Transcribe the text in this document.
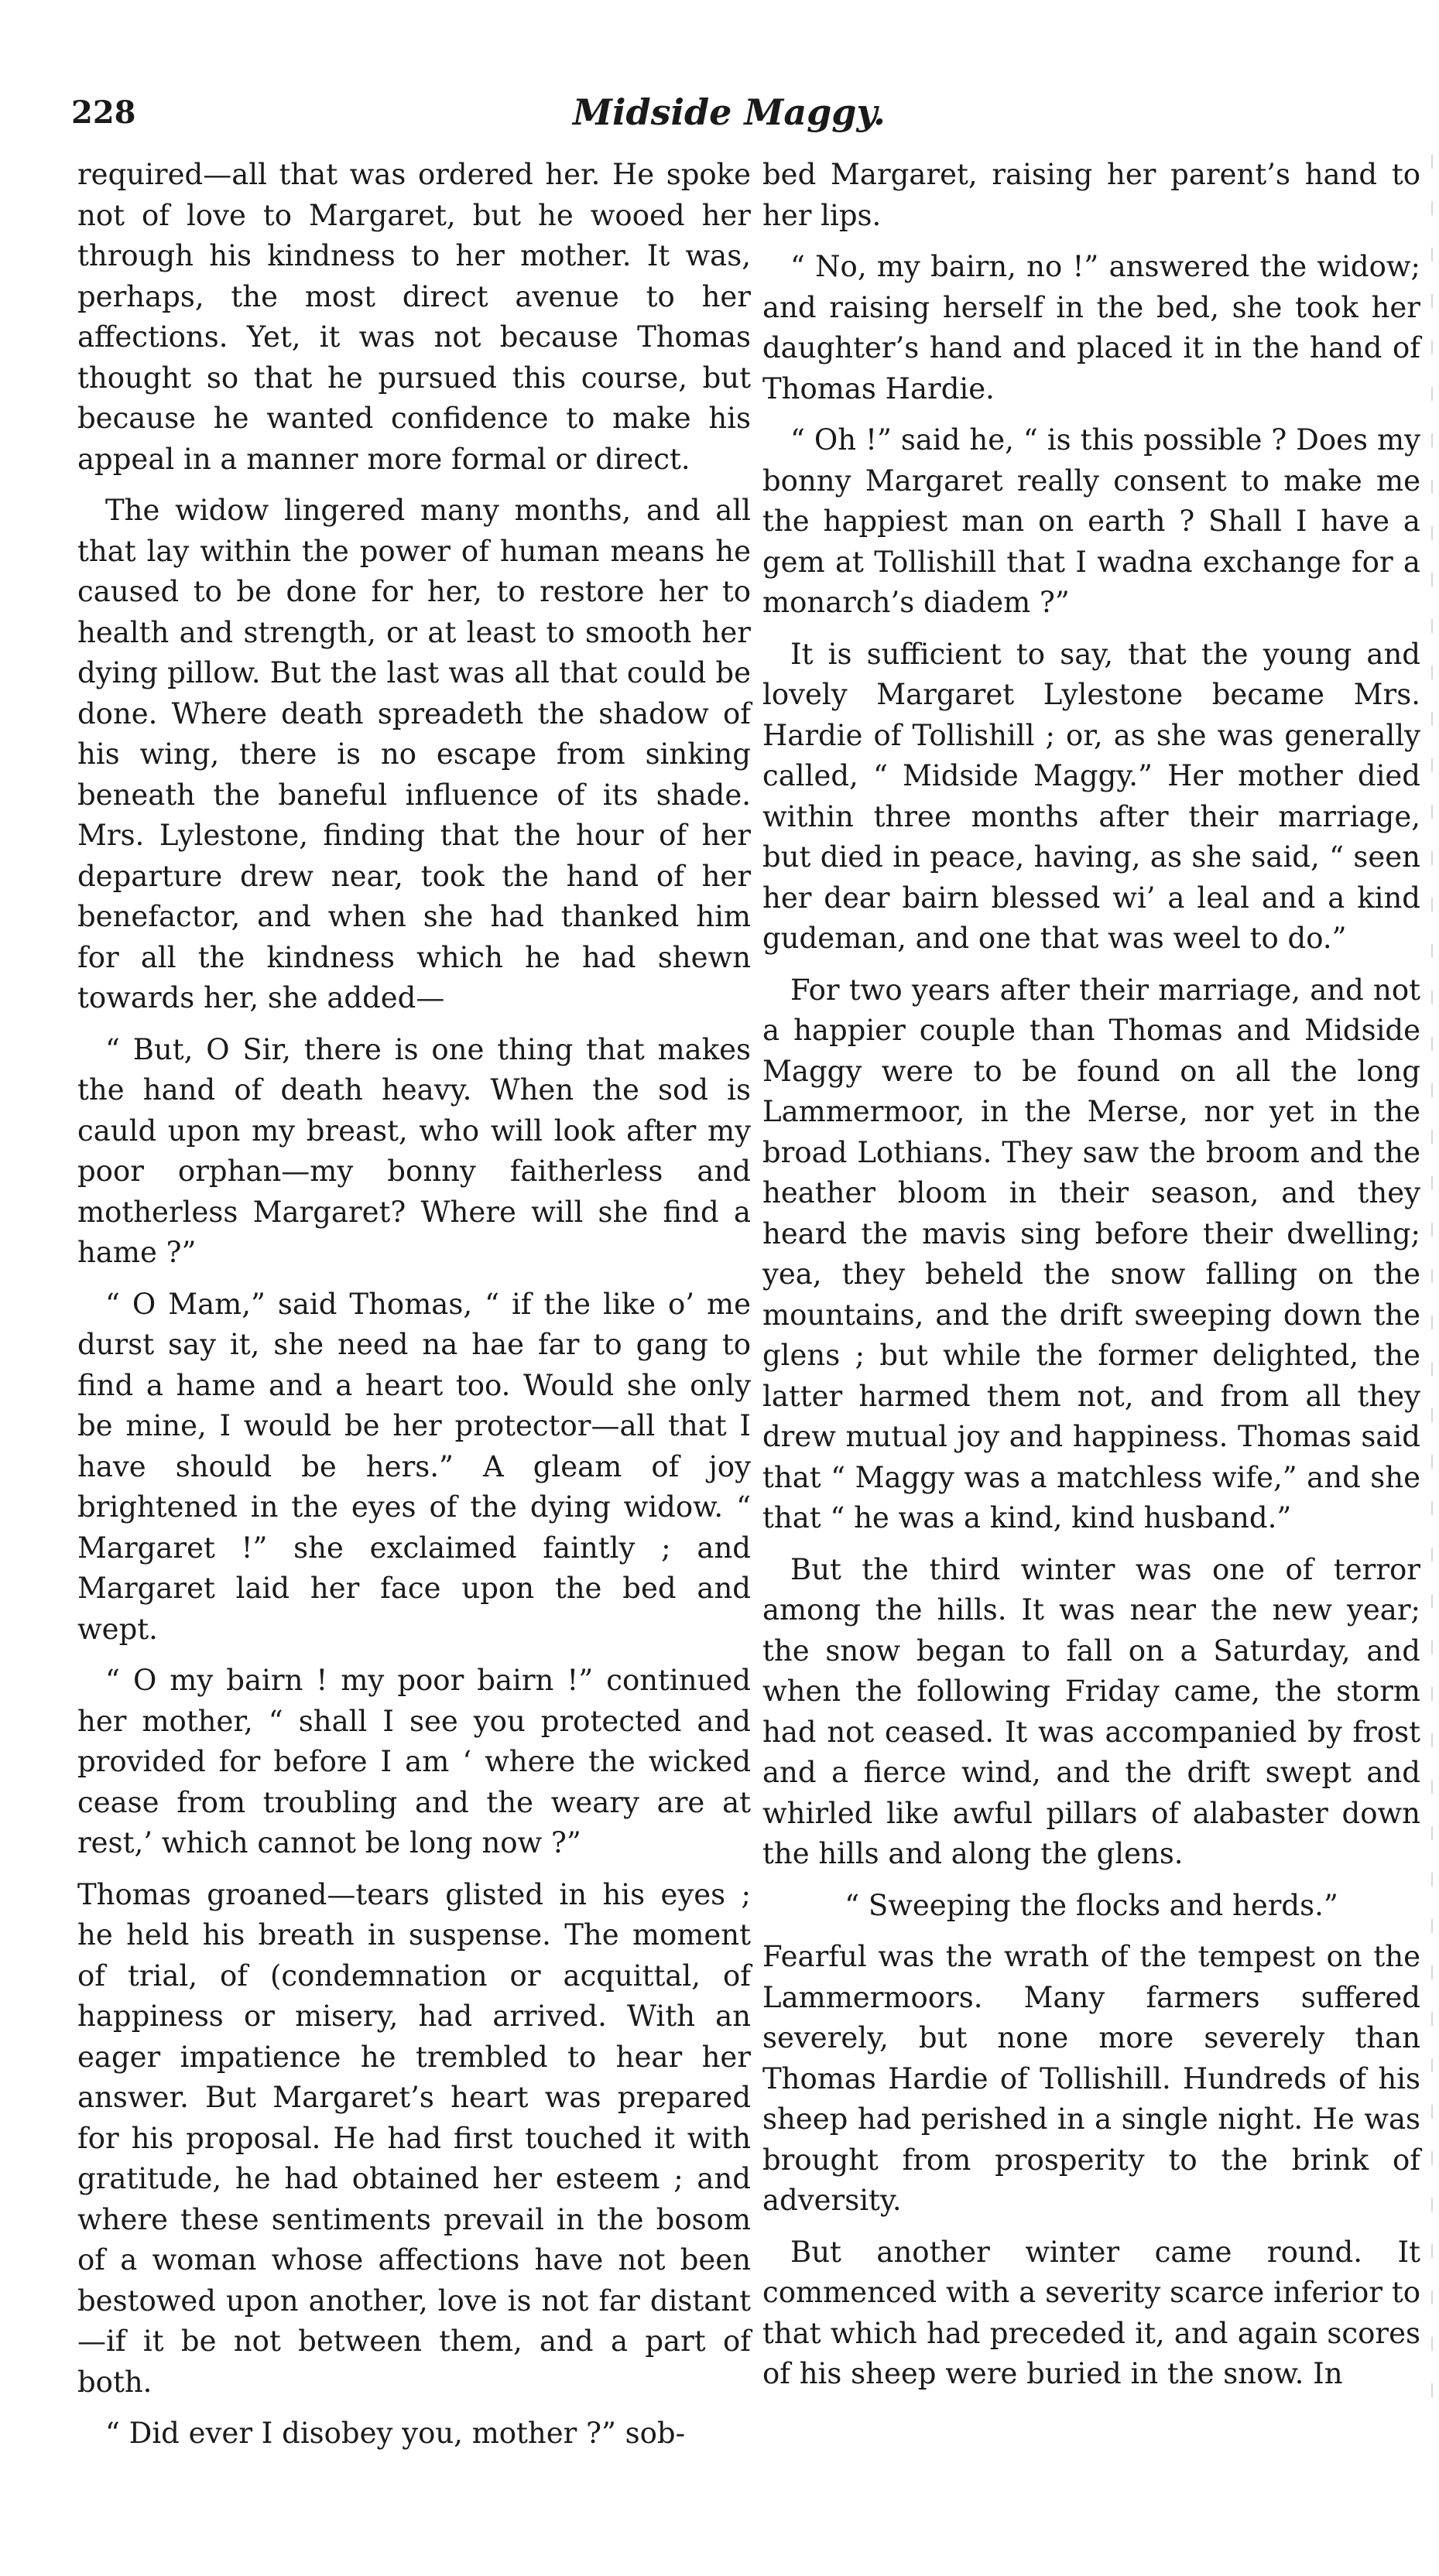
228	Midside Maggy.

required—all that was ordered her. He spoke not of love to Margaret, but he wooed her through his kindness to her mother. It was, perhaps, the most direct avenue to her affections. Yet, it was not because Thomas thought so that he pursued this course, but because he wanted confidence to make his appeal in a manner more formal or direct.

The widow lingered many months, and all that lay within the power of human means he caused to be done for her, to restore her to health and strength, or at least to smooth her dying pillow. But the last was all that could be done. Where death spreadeth the shadow of his wing, there is no escape from sinking beneath the baneful influence of its shade. Mrs. Lylestone, finding that the hour of her departure drew near, took the hand of her benefactor, and when she had thanked him for all the kindness which he had shewn towards her, she added—

“ But, O Sir, there is one thing that makes the hand of death heavy. When the sod is cauld upon my breast, who will look after my poor orphan—my bonny faitherless and motherless Margaret? Where will she find a hame ?”

“ O Mam,” said Thomas, “ if the like o’ me durst say it, she need na hae far to gang to find a hame and a heart too. Would she only be mine, I would be her protector—all that I have should be hers.” A gleam of joy brightened in the eyes of the dying widow. “ Margaret !” she exclaimed faintly ; and Margaret laid her face upon the bed and wept.

“ O my bairn ! my poor bairn !” continued her mother, “ shall I see you protected and provided for before I am ‘ where the wicked cease from troubling and the weary are at rest,’ which cannot be long now ?”

Thomas groaned—tears glisted in his eyes ; he held his breath in suspense. The moment of trial, of (condemnation or acquittal, of happiness or misery, had arrived. With an eager impatience he trembled to hear her answer. But Margaret’s heart was prepared for his proposal. He had first touched it with gratitude, he had obtained her esteem ; and where these sentiments prevail in the bosom of a woman whose affections have not been bestowed upon another, love is not far distant—if it be not between them, and a part of both.

“ Did ever I disobey you, mother ?” sob-

bed Margaret, raising her parent’s hand to her lips.

“ No, my bairn, no !” answered the widow; and raising herself in the bed, she took her daughter’s hand and placed it in the hand of Thomas Hardie.

“ Oh !” said he, “ is this possible ? Does my bonny Margaret really consent to make me the happiest man on earth ? Shall I have a gem at Tollishill that I wadna exchange for a monarch’s diadem ?”

It is sufficient to say, that the young and lovely Margaret Lylestone became Mrs. Hardie of Tollishill ; or, as she was generally called, “ Midside Maggy.” Her mother died within three months after their marriage, but died in peace, having, as she said, “ seen her dear bairn blessed wi’ a leal and a kind gudeman, and one that was weel to do.”

For two years after their marriage, and not a happier couple than Thomas and Midside Maggy were to be found on all the long Lammermoor, in the Merse, nor yet in the broad Lothians. They saw the broom and the heather bloom in their season, and they heard the mavis sing before their dwelling; yea, they beheld the snow falling on the mountains, and the drift sweeping down the glens ; but while the former delighted, the latter harmed them not, and from all they drew mutual joy and happiness. Thomas said that “ Maggy was a matchless wife,” and she that “ he was a kind, kind husband.”

But the third winter was one of terror among the hills. It was near the new year; the snow began to fall on a Saturday, and when the following Friday came, the storm had not ceased. It was accompanied by frost and a fierce wind, and the drift swept and whirled like awful pillars of alabaster down the hills and along the glens.

“ Sweeping the flocks and herds.”

Fearful was the wrath of the tempest on the Lammermoors. Many farmers suffered severely, but none more severely than Thomas Hardie of Tollishill. Hundreds of his sheep had perished in a single night. He was brought from prosperity to the brink of adversity.

But another winter came round. It commenced with a severity scarce inferior to that which had preceded it, and again scores of his sheep were buried in the snow. In
